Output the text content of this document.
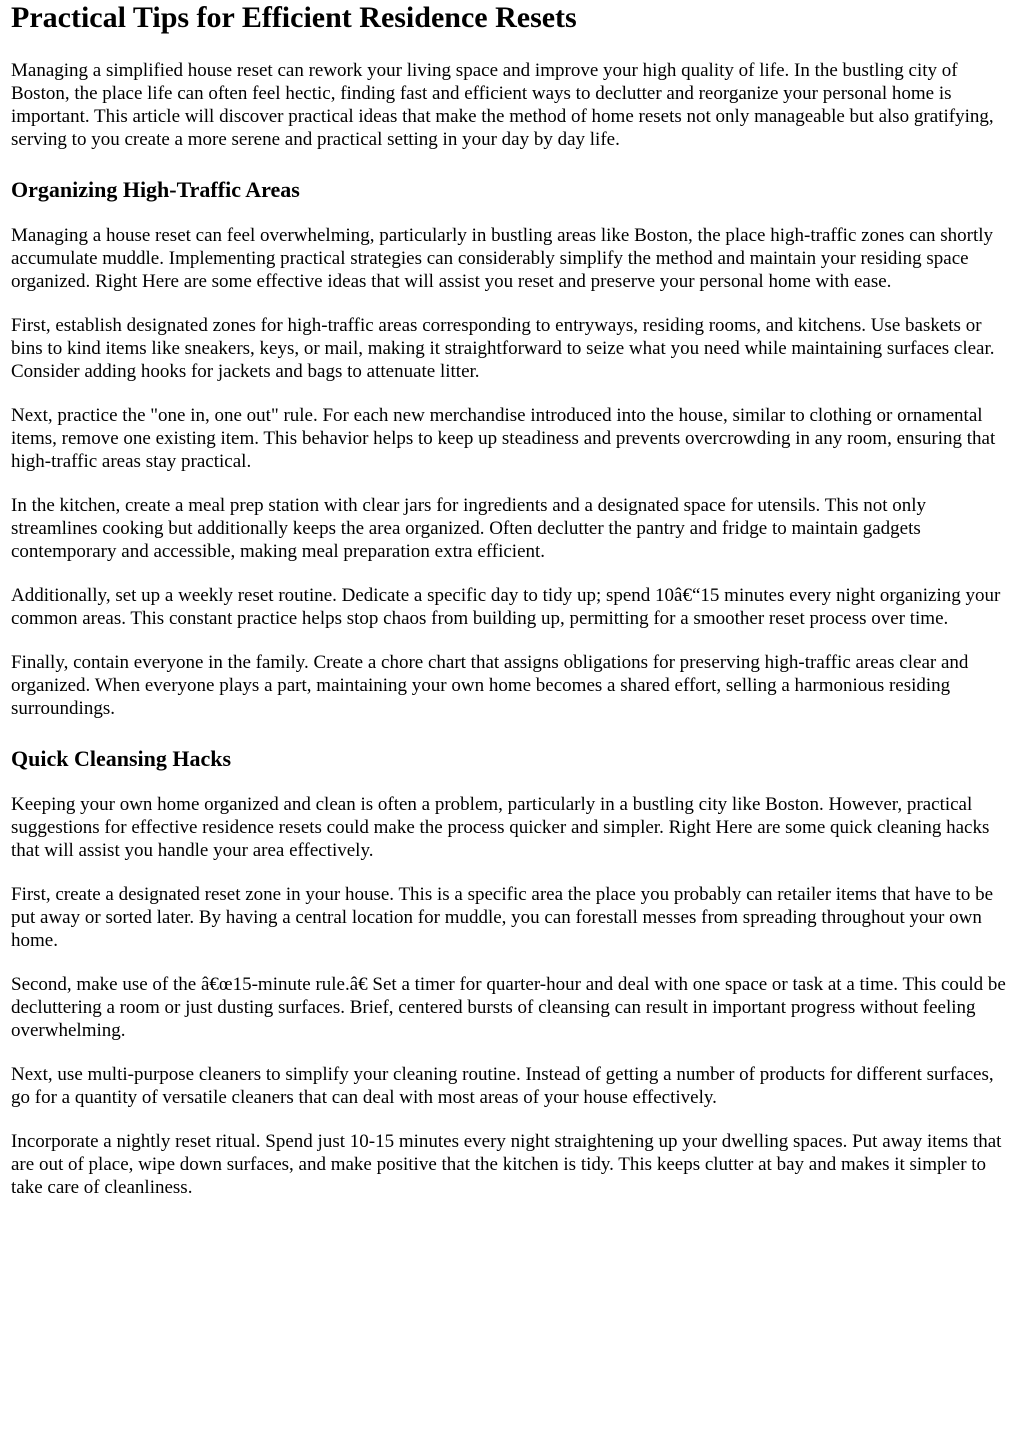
Practical Tips for Efficient Residence Resets

Managing a simplified house reset can rework your living space and improve your high quality of life. In the bustling city of Boston, the place life can often feel hectic, finding fast and efficient ways to declutter and reorganize your personal home is important. This article will discover practical ideas that make the method of home resets not only manageable but also gratifying, serving to you create a more serene and practical setting in your day by day life.

Organizing High-Traffic Areas

Managing a house reset can feel overwhelming, particularly in bustling areas like Boston, the place high-traffic zones can shortly accumulate muddle. Implementing practical strategies can considerably simplify the method and maintain your residing space organized. Right Here are some effective ideas that will assist you reset and preserve your personal home with ease.

First, establish designated zones for high-traffic areas corresponding to entryways, residing rooms, and kitchens. Use baskets or bins to kind items like sneakers, keys, or mail, making it straightforward to seize what you need while maintaining surfaces clear. Consider adding hooks for jackets and bags to attenuate litter.

Next, practice the "one in, one out" rule. For each new merchandise introduced into the house, similar to clothing or ornamental items, remove one existing item. This behavior helps to keep up steadiness and prevents overcrowding in any room, ensuring that high-traffic areas stay practical.

In the kitchen, create a meal prep station with clear jars for ingredients and a designated space for utensils. This not only streamlines cooking but additionally keeps the area organized. Often declutter the pantry and fridge to maintain gadgets contemporary and accessible, making meal preparation extra efficient.

Additionally, set up a weekly reset routine. Dedicate a specific day to tidy up; spend 10â€“15 minutes every night organizing your common areas. This constant practice helps stop chaos from building up, permitting for a smoother reset process over time.

Finally, contain everyone in the family. Create a chore chart that assigns obligations for preserving high-traffic areas clear and organized. When everyone plays a part, maintaining your own home becomes a shared effort, selling a harmonious residing surroundings.

Quick Cleansing Hacks

Keeping your own home organized and clean is often a problem, particularly in a bustling city like Boston. However, practical suggestions for effective residence resets could make the process quicker and simpler. Right Here are some quick cleaning hacks that will assist you handle your area effectively.

First, create a designated reset zone in your house. This is a specific area the place you probably can retailer items that have to be put away or sorted later. By having a central location for muddle, you can forestall messes from spreading throughout your own home.

Second, make use of the â€œ15-minute rule.â€ Set a timer for quarter-hour and deal with one space or task at a time. This could be decluttering a room or just dusting surfaces. Brief, centered bursts of cleansing can result in important progress without feeling overwhelming.

Next, use multi-purpose cleaners to simplify your cleaning routine. Instead of getting a number of products for different surfaces, go for a quantity of versatile cleaners that can deal with most areas of your house effectively.

Incorporate a nightly reset ritual. Spend just 10-15 minutes every night straightening up your dwelling spaces. Put away items that are out of place, wipe down surfaces, and make positive that the kitchen is tidy. This keeps clutter at bay and makes it simpler to take care of cleanliness.
